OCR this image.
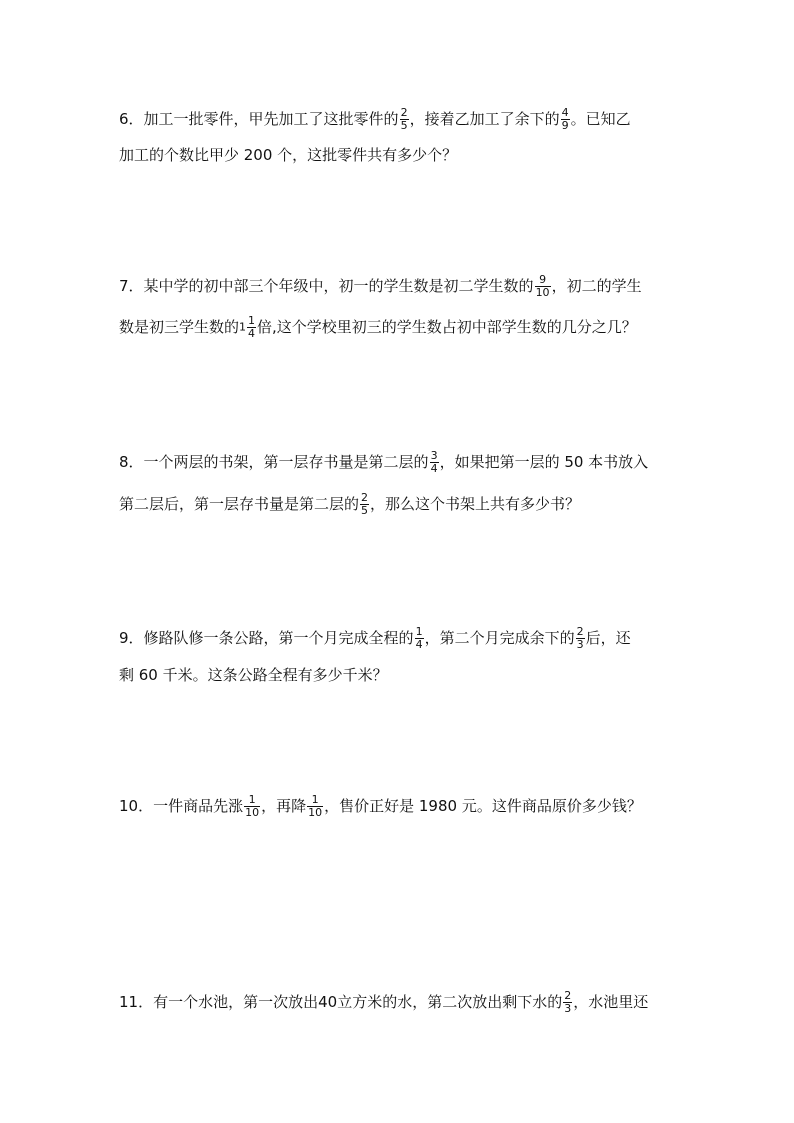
6．加工一批零件，甲先加工了这批零件的 $\frac{2}{5}$ ，接着乙加工了余下的 $\frac{4}{9}$ 。已知乙
加工的个数比甲少 200 个，这批零件共有多少个？
7．某中学的初中部三个年级中，初一的学生数是初二学生数的 $\frac{9}{10}$ ，初二的学生
数是初三学生数的$1 \frac{1}{4}$ 倍,这个学校里初三的学生数占初中部学生数的几分之几？
8．一个两层的书架，第一层存书量是第二层的 $\frac{3}{4}$ ，如果把第一层的 50 本书放入
第二层后，第一层存书量是第二层的 $\frac{2}{5}$ ，那么这个书架上共有多少书？
9．修路队修一条公路，第一个月完成全程的 $\frac{1}{4}$ ，第二个月完成余下的 $\frac{2}{3}$ 后，还
剩 60 千米。这条公路全程有多少千米？
10．一件商品先涨 $\frac{1}{10}$ ，再降 $\frac{1}{10}$ ，售价正好是 1980 元。这件商品原价多少钱？
11．有一个水池，第一次放出40立方米的水，第二次放出剩下水的 $\frac{2}{3}$ ，水池里还
